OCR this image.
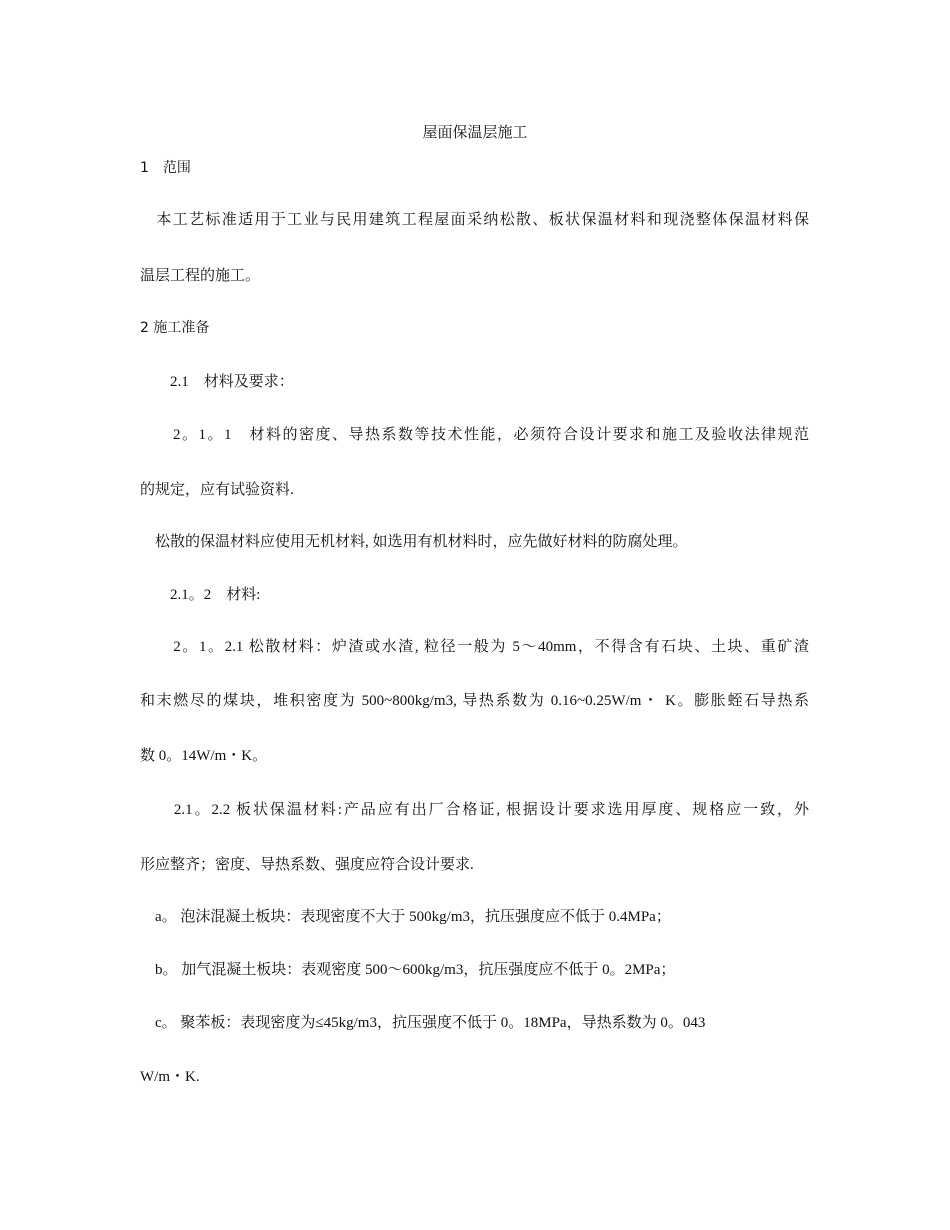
屋面保温层施工
1　范围
　本工艺标准适用于工业与民用建筑工程屋面采纳松散、板状保温材料和现浇整体保温材料保
温层工程的施工。
2 施工准备
　　2.1　材料及要求：
　　2。1。1　材料的密度、导热系数等技术性能，必须符合设计要求和施工及验收法律规范
的规定，应有试验资料.
　松散的保温材料应使用无机材料, 如选用有机材料时，应先做好材料的防腐处理。
　　2.1。2　材料:
　　2。1。2.1 松散材料：炉渣或水渣, 粒径一般为 5～40mm，不得含有石块、土块、重矿渣
和末燃尽的煤块，堆积密度为 500~800kg/m3, 导热系数为 0.16~0.25W/m・ K。膨胀蛭石导热系
数 0。14W/m・K。
　　2.1。2.2 板状保温材料:产品应有出厂合格证, 根据设计要求选用厚度、规格应一致，外
形应整齐；密度、导热系数、强度应符合设计要求.
　a。 泡沫混凝土板块：表现密度不大于 500kg/m3，抗压强度应不低于 0.4MPa；
　b。 加气混凝土板块：表观密度 500～600kg/m3，抗压强度应不低于 0。2MPa；
　c。 聚苯板：表现密度为≤45kg/m3，抗压强度不低于 0。18MPa，导热系数为 0。043
W/m・K.
